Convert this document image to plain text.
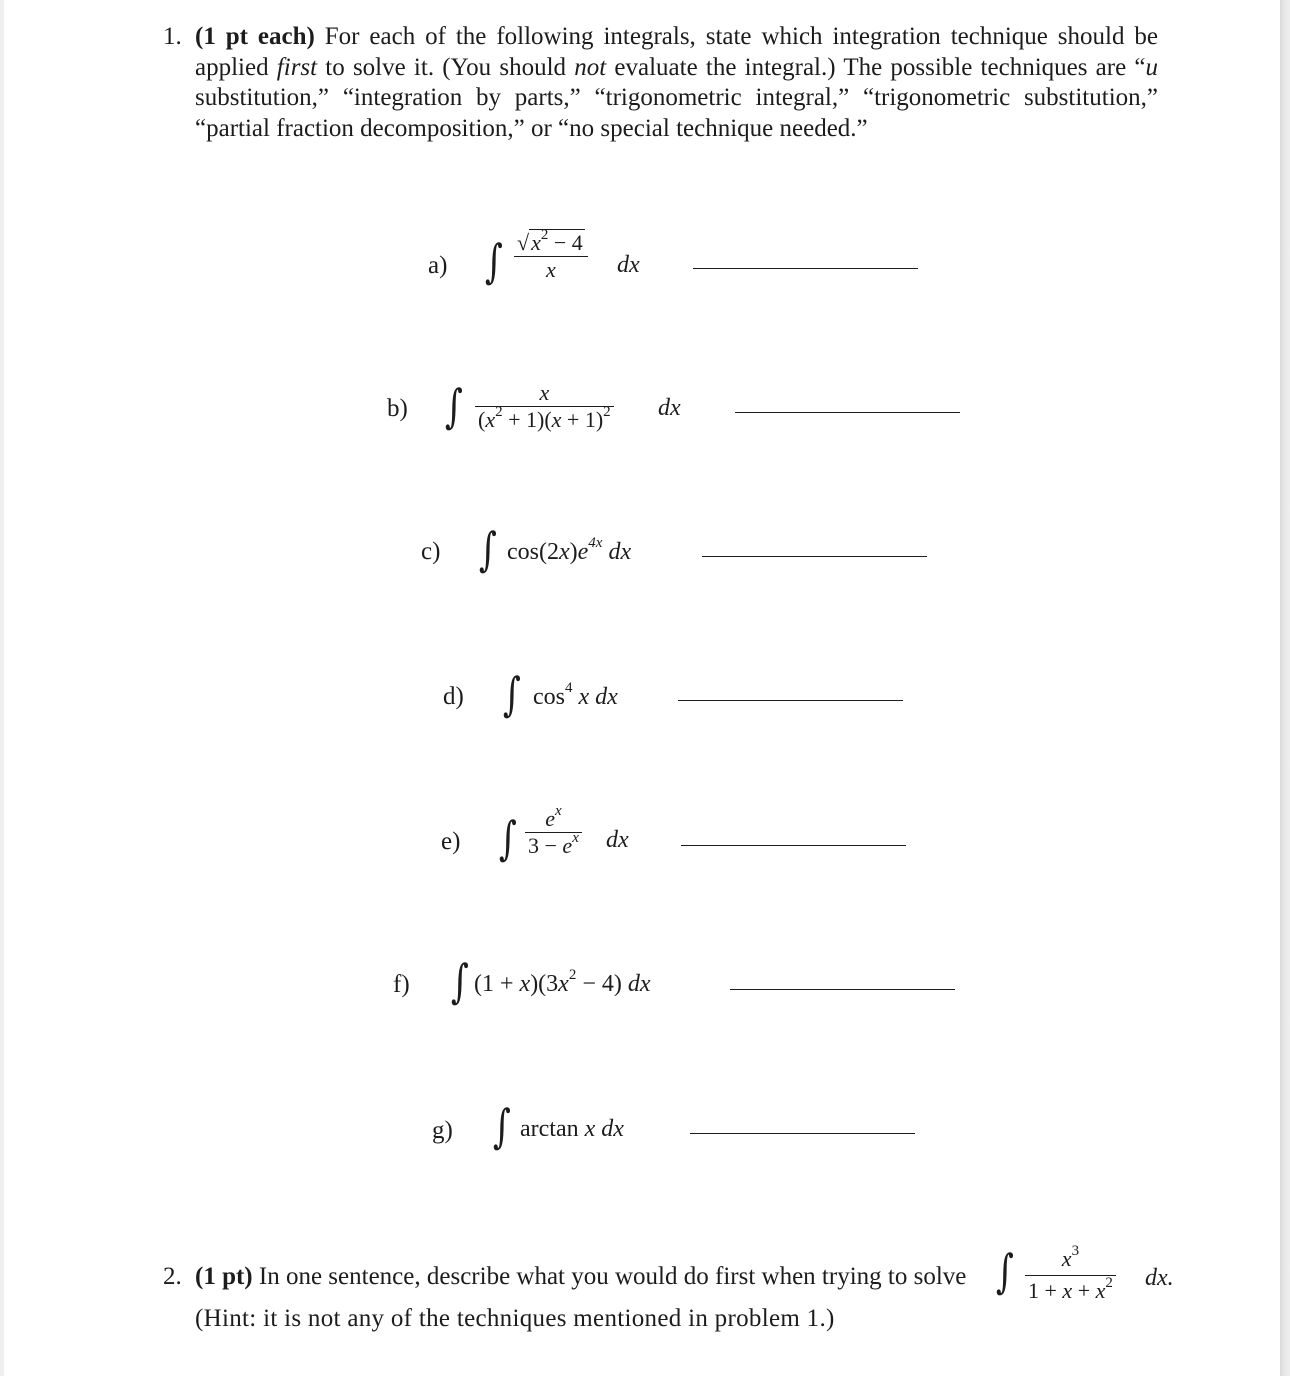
1. (1 pt each) For each of the following integrals, state which integration technique should be applied first to solve it. (You should not evaluate the integral.) The possible techniques are “u substitution,” “integration by parts,” “trigonometric integral,” “trigonometric substitution,” “partial fraction decomposition,” or “no special technique needed.”
a) ∫ $√x^2 - 4$
x	dx
b) ∫	x
$(x^2 + 1)(x + 1)^2$ dx
c) ∫ $\cos(2x)e^{4x}$ dx
d) ∫ $\cos^4 x$ dx
e) ∫	$e^x$
$3 - e^x$ dx
f) ∫ $(1 + x)(3x^2 - 4)$ dx
g) ∫ arctan x dx
2. (1 pt) In one sentence, describe what you would do first when trying to solve ∫	$x^3$
$1 + x + x^2$ dx.
(Hint: it is not any of the techniques mentioned in problem 1.)
